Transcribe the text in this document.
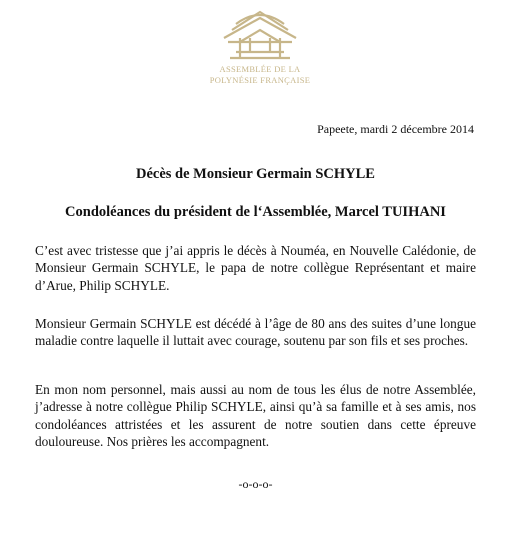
ASSEMBLÉE DE LA
POLYNÉSIE FRANÇAISE
Papeete, mardi 2 décembre 2014
Décès de Monsieur Germain SCHYLE
Condoléances du président de l‘Assemblée, Marcel TUIHANI
C’est avec tristesse que j’ai appris le décès à Nouméa, en Nouvelle Calédonie, de Monsieur Germain SCHYLE, le papa de notre collègue Représentant et maire d’Arue, Philip SCHYLE.
Monsieur Germain SCHYLE est décédé à l’âge de 80 ans des suites d’une longue maladie contre laquelle il luttait avec courage, soutenu par son fils et ses proches.
En mon nom personnel, mais aussi au nom de tous les élus de notre Assemblée, j’adresse à notre collègue Philip SCHYLE, ainsi qu’à sa famille et à ses amis, nos condoléances attristées et les assurent de notre soutien dans cette épreuve douloureuse. Nos prières les accompagnent.
-o-o-o-
